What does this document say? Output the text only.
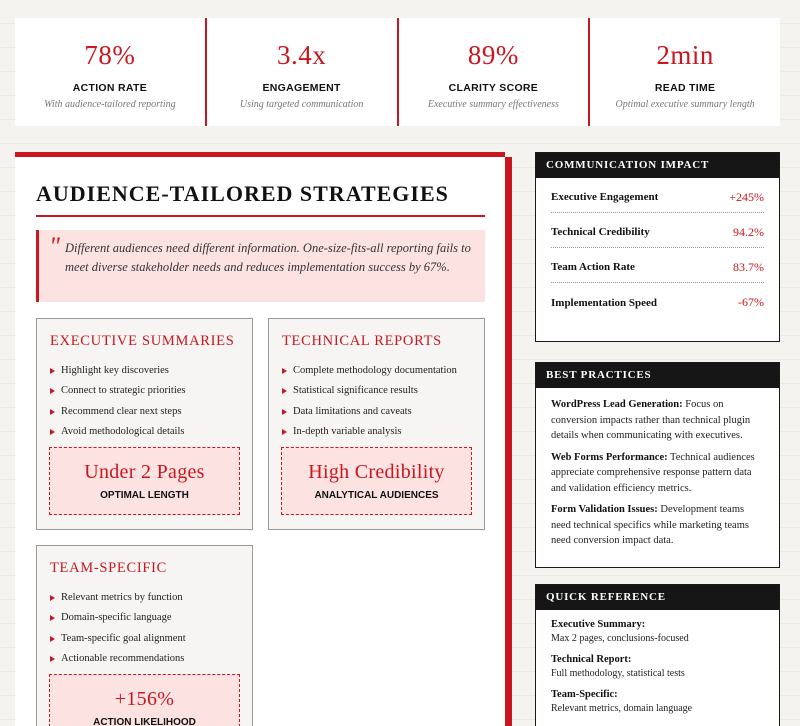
78%
ACTION RATE
With audience-tailored reporting
3.4x
ENGAGEMENT
Using targeted communication
89%
CLARITY SCORE
Executive summary effectiveness
2min
READ TIME
Optimal executive summary length
AUDIENCE-TAILORED STRATEGIES
" Different audiences need different information. One-size-fits-all reporting fails to meet diverse stakeholder needs and reduces implementation success by 67%.
EXECUTIVE SUMMARIES
Highlight key discoveries
Connect to strategic priorities
Recommend clear next steps
Avoid methodological details
Under 2 Pages
OPTIMAL LENGTH
TECHNICAL REPORTS
Complete methodology documentation
Statistical significance results
Data limitations and caveats
In-depth variable analysis
High Credibility
ANALYTICAL AUDIENCES
TEAM-SPECIFIC
Relevant metrics by function
Domain-specific language
Team-specific goal alignment
Actionable recommendations
+156%
ACTION LIKELIHOOD
COMMUNICATION IMPACT
Executive Engagement	+245%
Technical Credibility	94.2%
Team Action Rate	83.7%
Implementation Speed	-67%
BEST PRACTICES

WordPress Lead Generation: Focus on conversion impacts rather than technical plugin details when communicating with executives.

Web Forms Performance: Technical audiences appreciate comprehensive response pattern data and validation efficiency metrics.

Form Validation Issues: Development teams need technical specifics while marketing teams need conversion impact data.

QUICK REFERENCE
Executive Summary:
Max 2 pages, conclusions-focused
Technical Report:
Full methodology, statistical tests
Team-Specific:
Relevant metrics, domain language
